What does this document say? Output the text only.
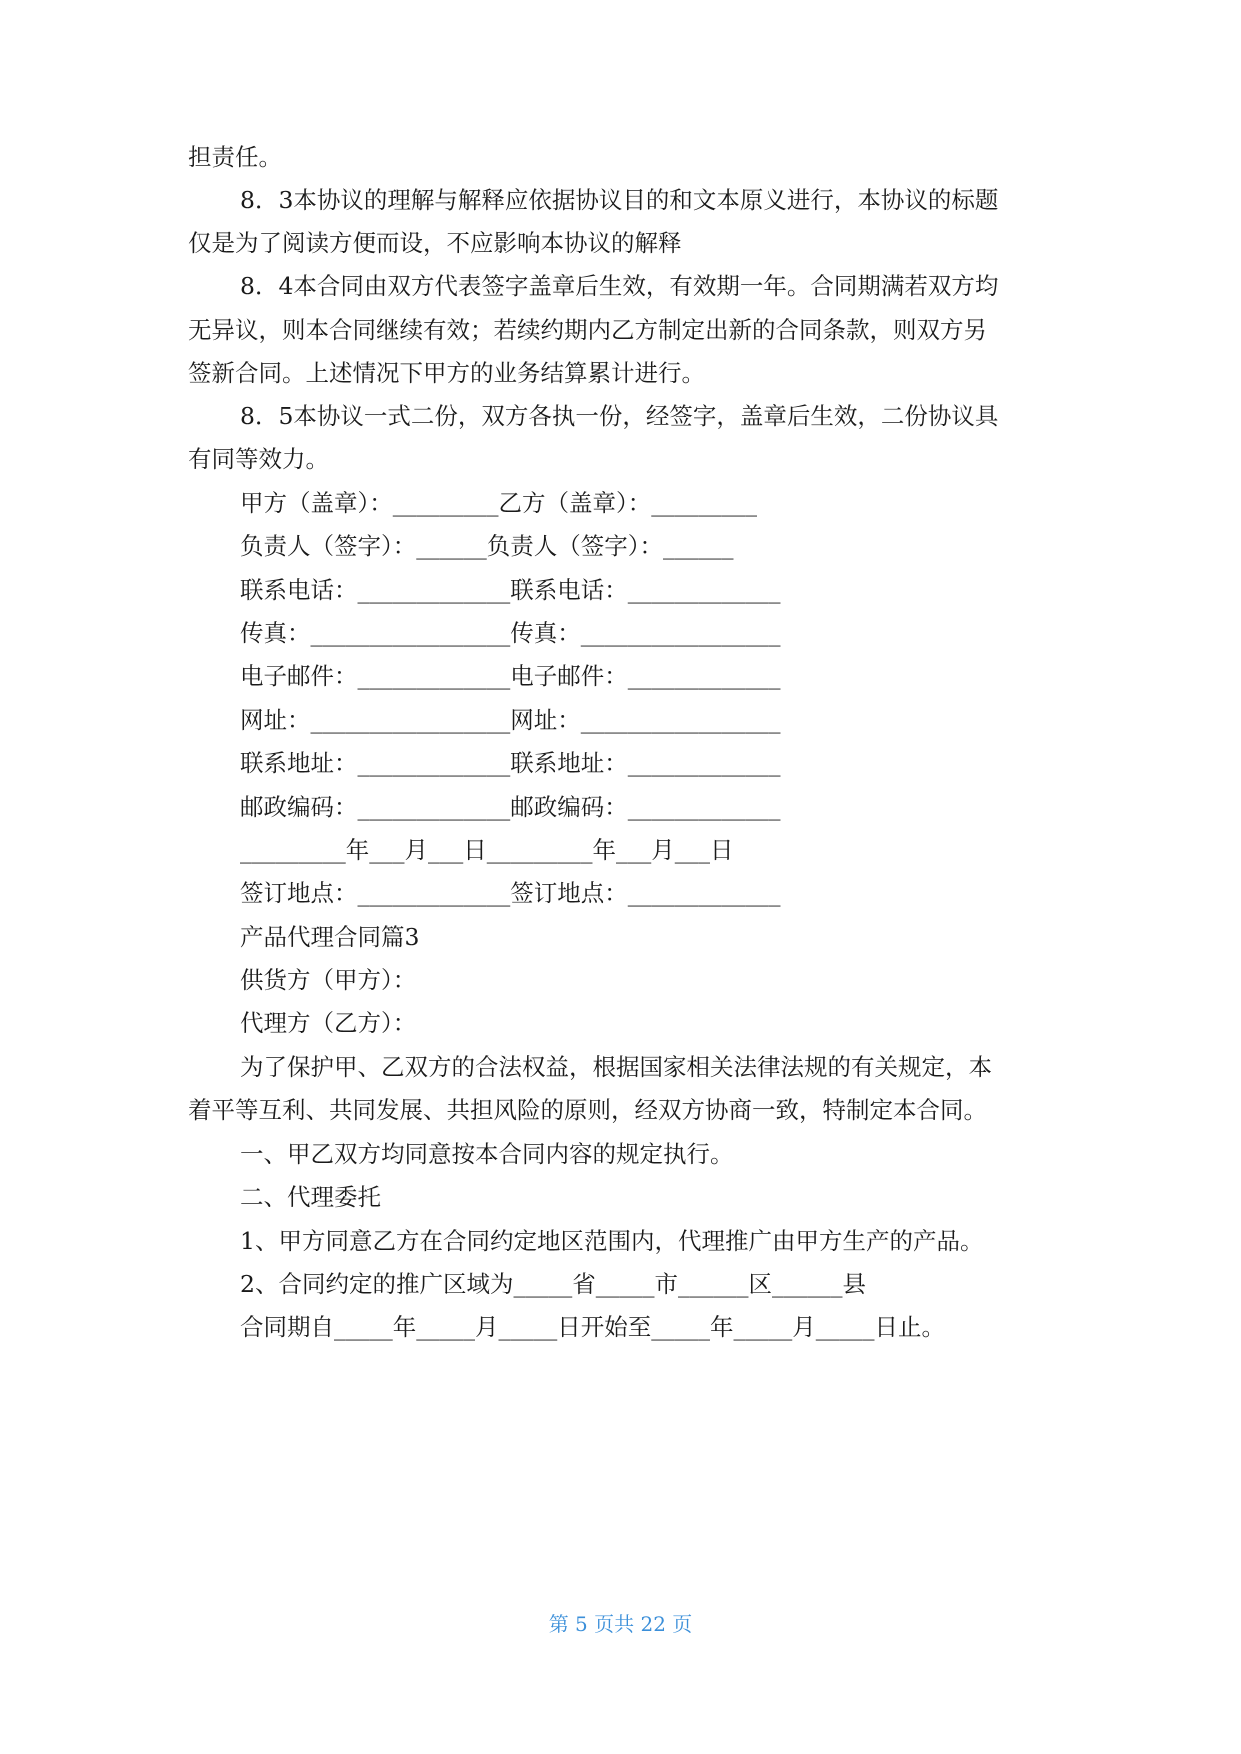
担责任。
8．3本协议的理解与解释应依据协议目的和文本原义进行，本协议的标题
仅是为了阅读方便而设，不应影响本协议的解释
8．4本合同由双方代表签字盖章后生效，有效期一年。合同期满若双方均
无异议，则本合同继续有效；若续约期内乙方制定出新的合同条款，则双方另
签新合同。上述情况下甲方的业务结算累计进行。
8．5本协议一式二份，双方各执一份，经签字，盖章后生效，二份协议具
有同等效力。
甲方（盖章）：_________乙方（盖章）：_________
负责人（签字）：______负责人（签字）：______
联系电话：_____________联系电话：_____________
传真：_________________传真：_________________
电子邮件：_____________电子邮件：_____________
网址：_________________网址：_________________
联系地址：_____________联系地址：_____________
邮政编码：_____________邮政编码：_____________
_________年___月___日_________年___月___日
签订地点：_____________签订地点：_____________
产品代理合同篇3
供货方（甲方）：
代理方（乙方）：
为了保护甲、乙双方的合法权益，根据国家相关法律法规的有关规定，本
着平等互利、共同发展、共担风险的原则，经双方协商一致，特制定本合同。
一、甲乙双方均同意按本合同内容的规定执行。
二、代理委托
1、甲方同意乙方在合同约定地区范围内，代理推广由甲方生产的产品。
2、合同约定的推广区域为_____省_____市______区______县
合同期自_____年_____月_____日开始至_____年_____月_____日止。
第 5 页共 22 页
